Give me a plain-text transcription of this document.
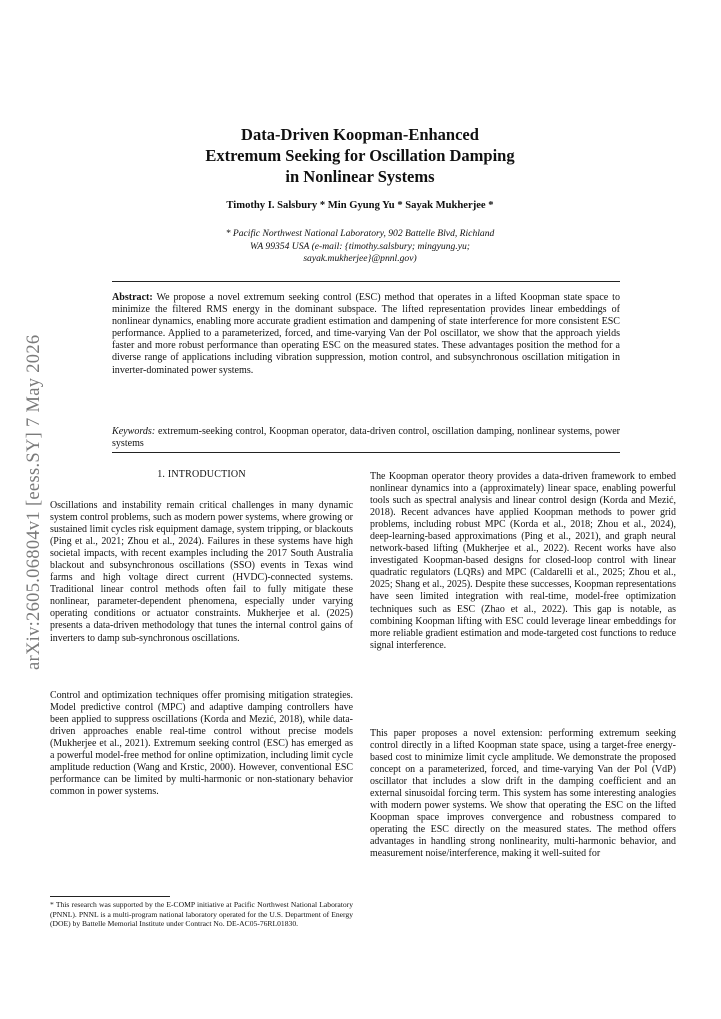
arXiv:2605.06804v1 [eess.SY] 7 May 2026
Data-Driven Koopman-Enhanced
Extremum Seeking for Oscillation Damping
in Nonlinear Systems
Timothy I. Salsbury * Min Gyung Yu * Sayak Mukherjee *
* Pacific Northwest National Laboratory, 902 Battelle Blvd, Richland
WA 99354 USA (e-mail: {timothy.salsbury; mingyung.yu;
sayak.mukherjee}@pnnl.gov)
Abstract: We propose a novel extremum seeking control (ESC) method that operates in a lifted Koopman state space to minimize the filtered RMS energy in the dominant subspace. The lifted representation provides linear embeddings of nonlinear dynamics, enabling more accurate gradient estimation and dampening of state interference for more consistent ESC performance. Applied to a parameterized, forced, and time-varying Van der Pol oscillator, we show that the approach yields faster and more robust performance than operating ESC on the measured states. These advantages position the method for a diverse range of applications including vibration suppression, motion control, and subsynchronous oscillation mitigation in inverter-dominated power systems.
Keywords: extremum-seeking control, Koopman operator, data-driven control, oscillation damping, nonlinear systems, power systems
1. INTRODUCTION

Oscillations and instability remain critical challenges in many dynamic system control problems, such as modern power systems, where growing or sustained limit cycles risk equipment damage, system tripping, or blackouts (Ping et al., 2021; Zhou et al., 2024). Failures in these systems have high societal impacts, with recent examples including the 2017 South Australia blackout and subsynchronous oscillations (SSO) events in Texas wind farms and high voltage direct current (HVDC)-connected systems. Traditional linear control methods often fail to fully mitigate these nonlinear, parameter-dependent phenomena, especially under varying operating conditions or actuator constraints. Mukherjee et al. (2025) presents a data-driven methodology that tunes the internal control gains of inverters to damp sub-synchronous oscillations.

Control and optimization techniques offer promising mitigation strategies. Model predictive control (MPC) and adaptive damping controllers have been applied to suppress oscillations (Korda and Mezić, 2018), while data-driven approaches enable real-time control without precise models (Mukherjee et al., 2021). Extremum seeking control (ESC) has emerged as a powerful model-free method for online optimization, including limit cycle amplitude reduction (Wang and Krstic, 2000). However, conventional ESC performance can be limited by multi-harmonic or non-stationary behavior common in power systems.

* This research was supported by the E-COMP initiative at Pacific Northwest National Laboratory (PNNL). PNNL is a multi-program national laboratory operated for the U.S. Department of Energy (DOE) by Battelle Memorial Institute under Contract No. DE-AC05-76RL01830.

The Koopman operator theory provides a data-driven framework to embed nonlinear dynamics into a (approximately) linear space, enabling powerful tools such as spectral analysis and linear control design (Korda and Mezić, 2018). Recent advances have applied Koopman methods to power grid problems, including robust MPC (Korda et al., 2018; Zhou et al., 2024), deep-learning-based approximations (Ping et al., 2021), and graph neural network-based lifting (Mukherjee et al., 2022). Recent works have also investigated Koopman-based designs for closed-loop control with linear quadratic regulators (LQRs) and MPC (Caldarelli et al., 2025; Zhou et al., 2025; Shang et al., 2025). Despite these successes, Koopman representations have seen limited integration with real-time, model-free optimization techniques such as ESC (Zhao et al., 2022). This gap is notable, as combining Koopman lifting with ESC could leverage linear embeddings for more reliable gradient estimation and mode-targeted cost functions to reduce signal interference.

This paper proposes a novel extension: performing extremum seeking control directly in a lifted Koopman state space, using a target-free energy-based cost to minimize limit cycle amplitude. We demonstrate the proposed concept on a parameterized, forced, and time-varying Van der Pol (VdP) oscillator that includes a slow drift in the damping coefficient and an external sinusoidal forcing term. This system has some interesting analogies with modern power systems. We show that operating the ESC on the lifted Koopman space improves convergence and robustness compared to operating the ESC directly on the measured states. The method offers advantages in handling strong nonlinearity, multi-harmonic behavior, and measurement noise/interference, making it well-suited for
